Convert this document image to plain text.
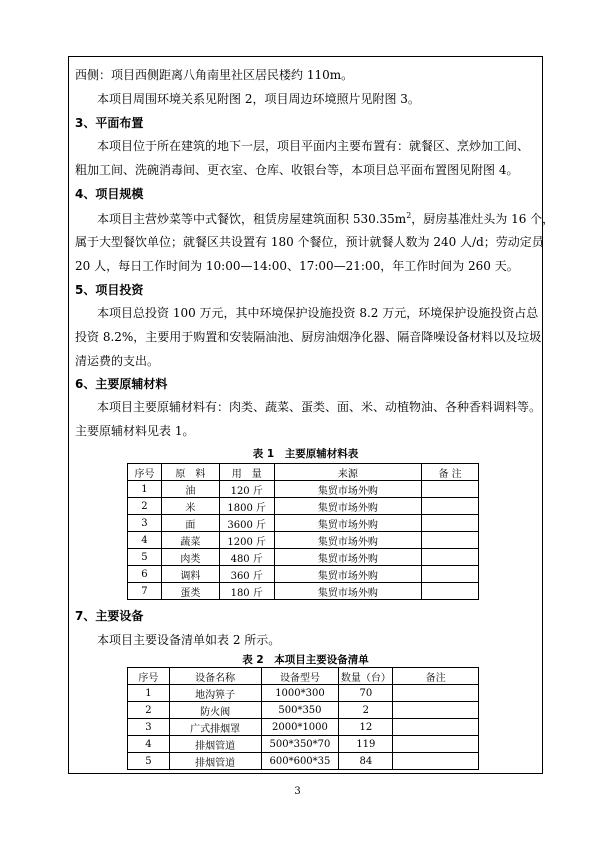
西侧：项目西侧距离八角南里社区居民楼约 110m。
本项目周围环境关系见附图 2，项目周边环境照片见附图 3。
3、平面布置
本项目位于所在建筑的地下一层，项目平面内主要布置有：就餐区、烹炒加工间、
粗加工间、洗碗消毒间、更衣室、仓库、收银台等，本项目总平面布置图见附图 4。
4、项目规模
本项目主营炒菜等中式餐饮，租赁房屋建筑面积 $530.35m^2$，厨房基准灶头为 16 个，
属于大型餐饮单位；就餐区共设置有 180 个餐位，预计就餐人数为 240 人/d；劳动定员
20 人，每日工作时间为 10:00—14:00、17:00—21:00，年工作时间为 260 天。
5、项目投资
本项目总投资 100 万元，其中环境保护设施投资 8.2 万元，环境保护设施投资占总
投资 8.2%，主要用于购置和安装隔油池、厨房油烟净化器、隔音降噪设备材料以及垃圾
清运费的支出。
6、主要原辅材料
本项目主要原辅材料有：肉类、蔬菜、蛋类、面、米、动植物油、各种香料调料等。
主要原辅材料见表 1。
表 1　主要原辅材料表
序号	原　料	用　量	来源	备 注
1	油	120 斤	集贸市场外购	
2	米	1800 斤	集贸市场外购	
3	面	3600 斤	集贸市场外购	
4	蔬菜	1200 斤	集贸市场外购	
5	肉类	480 斤	集贸市场外购	
6	调料	360 斤	集贸市场外购	
7	蛋类	180 斤	集贸市场外购	
7、主要设备
本项目主要设备清单如表 2 所示。
表 2　本项目主要设备清单
序号	设备名称	设备型号	数量（台）	备注
1	地沟箅子	1000*300	70	
2	防火阀	500*350	2	
3	广式排烟罩	2000*1000	12	
4	排烟管道	500*350*70	119	
5	排烟管道	600*600*35	84	
3
